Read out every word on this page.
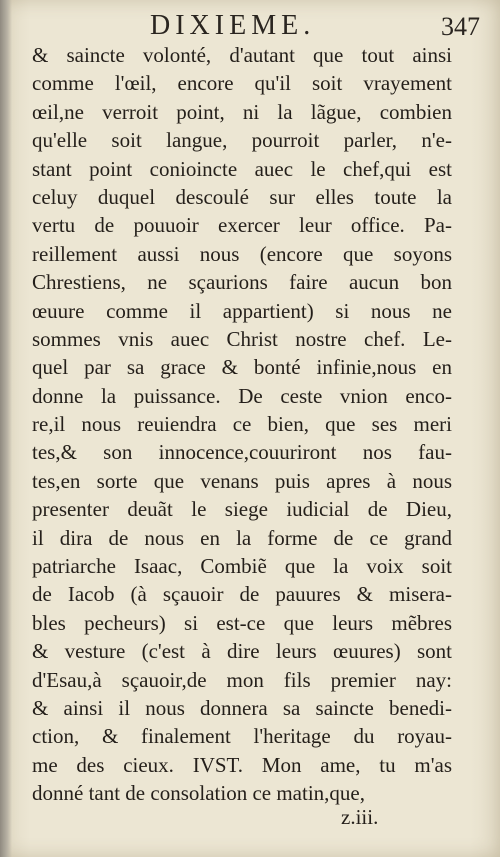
DIXIEME.	347
& saincte volonté, d'autant que tout ainsi
comme l'œil, encore qu'il soit vrayement
œil,ne verroit point, ni la lãgue, combien
qu'elle soit langue, pourroit parler, n'e-
stant point conioincte auec le chef,qui est
celuy duquel descoulé sur elles toute la
vertu de pouuoir exercer leur office. Pa-
reillement aussi nous (encore que soyons
Chrestiens, ne sçaurions faire aucun bon
œuure comme il appartient) si nous ne
sommes vnis auec Christ nostre chef. Le-
quel par sa grace & bonté infinie,nous en
donne la puissance. De ceste vnion enco-
re,il nous reuiendra ce bien, que ses meri
tes,& son innocence,couuriront nos fau-
tes,en sorte que venans puis apres à nous
presenter deuãt le siege iudicial de Dieu,
il dira de nous en la forme de ce grand
patriarche Isaac, Combiẽ que la voix soit
de Iacob (à sçauoir de pauures & misera-
bles pecheurs) si est-ce que leurs mẽbres
& vesture (c'est à dire leurs œuures) sont
d'Esau,à sçauoir,de mon fils premier nay:
& ainsi il nous donnera sa saincte benedi-
ction, & finalement l'heritage du royau-
me des cieux. IVST. Mon ame, tu m'as
donné tant de consolation ce matin,que,
z.iii.
